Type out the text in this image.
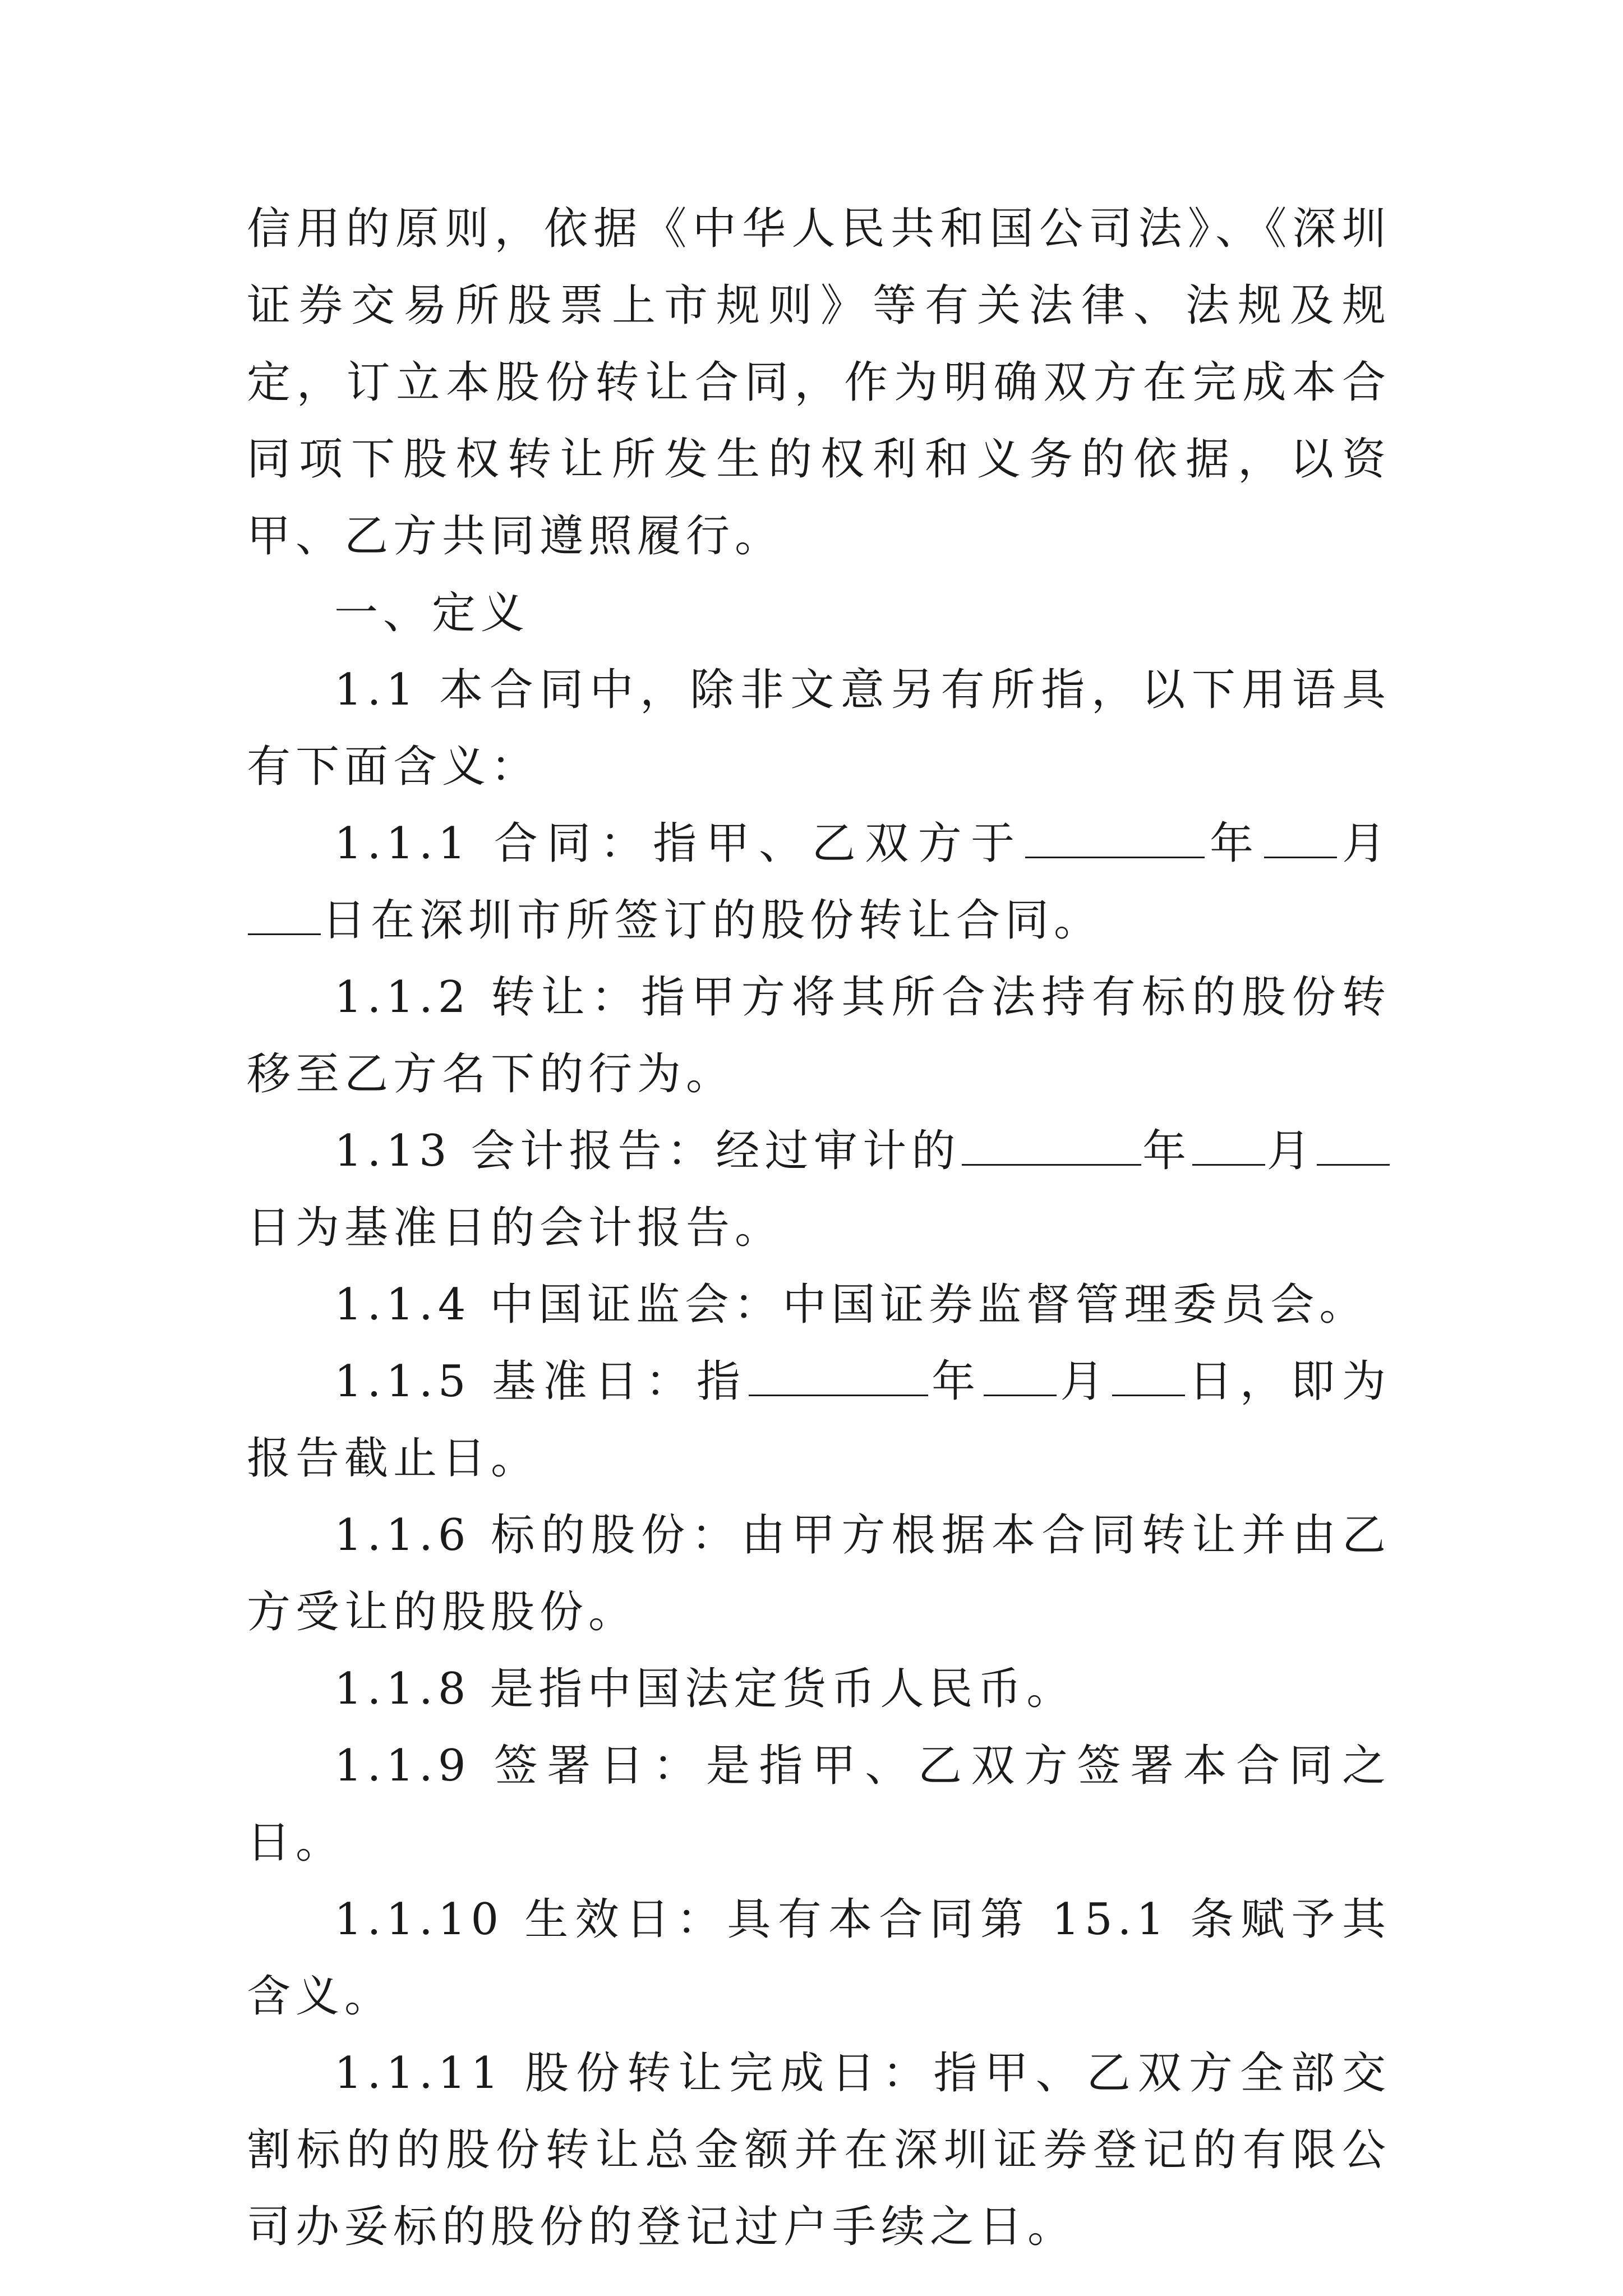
信用的原则，依据《中华人民共和国公司法》、《深圳证券交易所股票上市规则》等有关法律、法规及规定，订立本股份转让合同，作为明确双方在完成本合同项下股权转让所发生的权利和义务的依据，以资甲、乙方共同遵照履行。

一、定义

1.1 本合同中，除非文意另有所指，以下用语具有下面含义：

1.1.1 合同：指甲、乙双方于	年 月日在深圳市所签订的股份转让合同。

1.1.2 转让：指甲方将其所合法持有标的股份转移至乙方名下的行为。

1.13 会计报告：经过审计的	年 月日为基准日的会计报告。

1.1.4 中国证监会：中国证券监督管理委员会。

1.1.5 基准日：指	年 月 日，即为报告截止日。

1.1.6 标的股份：由甲方根据本合同转让并由乙方受让的股股份。

1.1.8 是指中国法定货币人民币。

1.1.9 签署日：是指甲、乙双方签署本合同之日。

1.1.10 生效日：具有本合同第 15.1 条赋予其含义。

1.1.11 股份转让完成日：指甲、乙双方全部交割标的的股份转让总金额并在深圳证券登记的有限公司办妥标的股份的登记过户手续之日。
